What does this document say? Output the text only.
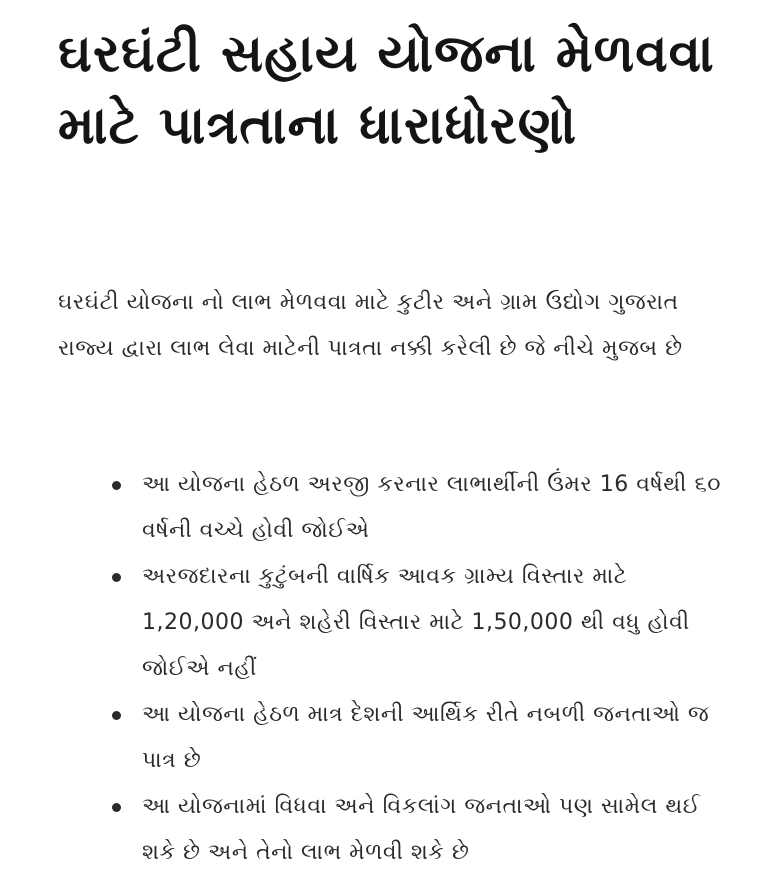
ઘરઘંટી સહાય યોજના મેળવવા માટે પાત્રતાના ધારાધોરણો

ઘરઘંટી યોજના નો લાભ મેળવવા માટે કુટીર અને ગ્રામ ઉદ્યોગ ગુજરાત રાજ્ય દ્વારા લાભ લેવા માટેની પાત્રતા નક્કી કરેલી છે જે નીચે મુજબ છે

આ યોજના હેઠળ અરજી કરનાર લાભાર્થીની ઉંમર 16 વર્ષથી ૬૦ વર્ષની વચ્ચે હોવી જોઈએ
અરજદારના કુટુંબની વાર્ષિક આવક ગ્રામ્ય વિસ્તાર માટે 1,20,000 અને શહેરી વિસ્તાર માટે 1,50,000 થી વધુ હોવી જોઈએ નહીં
આ યોજના હેઠળ માત્ર દેશની આર્થિક રીતે નબળી જનતાઓ જ પાત્ર છે
આ યોજનામાં વિધવા અને વિકલાંગ જનતાઓ પણ સામેલ થઈ શકે છે અને તેનો લાભ મેળવી શકે છે
